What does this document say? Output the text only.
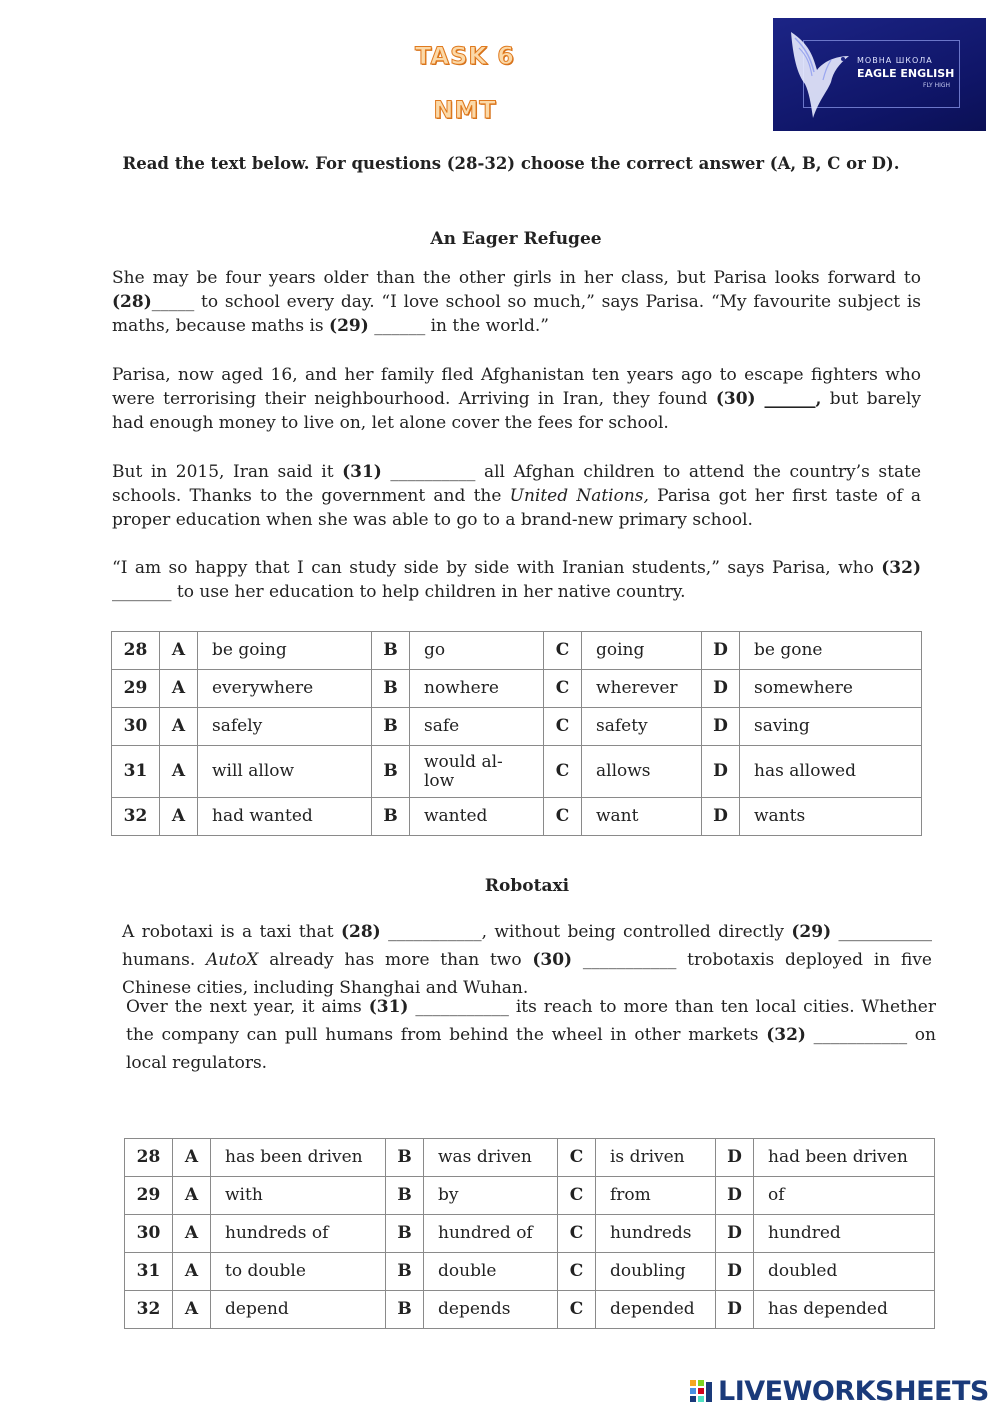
TASK 6
NMT
МОВНА ШКОЛА
EAGLE ENGLISH
FLY HIGH
Read the text below. For questions (28-32) choose the correct answer (A, B, C or D).
An Eager Refugee
She may be four years older than the other girls in her class, but Parisa looks forward to (28)_____ to school every day. “I love school so much,” says Parisa. “My favourite subject is maths, because maths is (29) ______ in the world.”
Parisa, now aged 16, and her family fled Afghanistan ten years ago to escape fighters who were terrorising their neighbourhood. Arriving in Iran, they found (30) ______, but barely had enough money to live on, let alone cover the fees for school.
But in 2015, Iran said it (31) __________ all Afghan children to attend the country’s state schools. Thanks to the government and the United Nations, Parisa got her first taste of a proper education when she was able to go to a brand-new primary school.
“I am so happy that I can study side by side with Iranian students,” says Parisa, who (32) _______ to use her education to help children in her native country.
28	A	be going	B	go	C	going	D	be gone
29	A	everywhere	B	nowhere	C	wherever	D	somewhere
30	A	safely	B	safe	C	safety	D	saving
31	A	will allow	B	would al-low	C	allows	D	has allowed
32	A	had wanted	B	wanted	C	want	D	wants
Robotaxi
A robotaxi is a taxi that (28) ___________, without being controlled directly (29) ___________ humans. AutoX already has more than two (30) ___________ trobotaxis deployed in five Chinese cities, including Shanghai and Wuhan.
Over the next year, it aims (31) ___________ its reach to more than ten local cities. Whether the company can pull humans from behind the wheel in other markets (32) ___________ on local regulators.
28	A	has been driven	B	was driven	C	is driven	D	had been driven
29	A	with	B	by	C	from	D	of
30	A	hundreds of	B	hundred of	C	hundreds	D	hundred
31	A	to double	B	double	C	doubling	D	doubled
32	A	depend	B	depends	C	depended	D	has depended
LIVEWORKSHEETS
